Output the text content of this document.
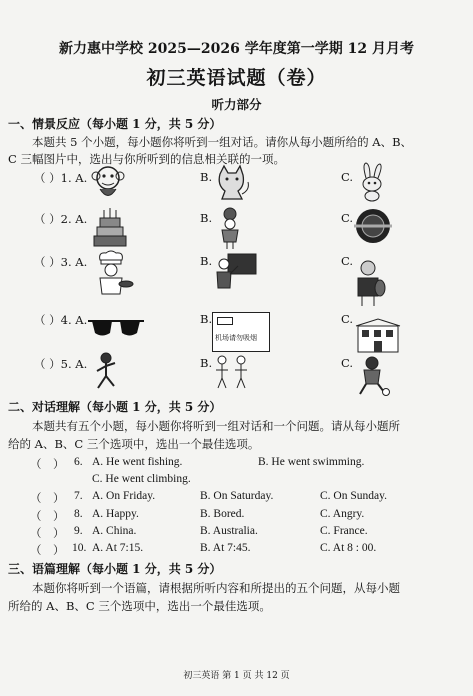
新力惠中学校 2025—2026 学年度第一学期 12 月月考
初三英语试题（卷）
听力部分
一、情景反应（每小题 1 分，共 5 分）
本题共 5 个小题，每小题你将听到一组对话。请你从每小题所给的 A、B、
C 三幅图片中，选出与你所听到的信息相关联的一项。
（ ）1. A.	B.	C.
（ ）2. A.	B.	C.
（ ）3. A.	B.	C.
（ ）4. A.	B.	C.
机场请勿吸烟
（ ）5. A.	B.	C.
二、对话理解（每小题 1 分，共 5 分）
本题共有五个小题，每小题你将听到一组对话和一个问题。请从每小题所
给的 A、B、C 三个选项中，选出一个最佳选项。
（　） 6. A. He went fishing.	B. He went swimming.
C. He went climbing.
（　） 7. A. On Friday.	B. On Saturday.	C. On Sunday.
（　） 8. A. Happy.	B. Bored.	C. Angry.
（　） 9. A. China.	B. Australia.	C. France.
（　） 10. A. At 7:15.	B. At 7:45.	C. At 8 : 00.
三、语篇理解（每小题 1 分，共 5 分）
本题你将听到一个语篇，请根据所听内容和所提出的五个问题，从每小题
所给的 A、B、C 三个选项中，选出一个最佳选项。
初三英语 第 1 页 共 12 页
